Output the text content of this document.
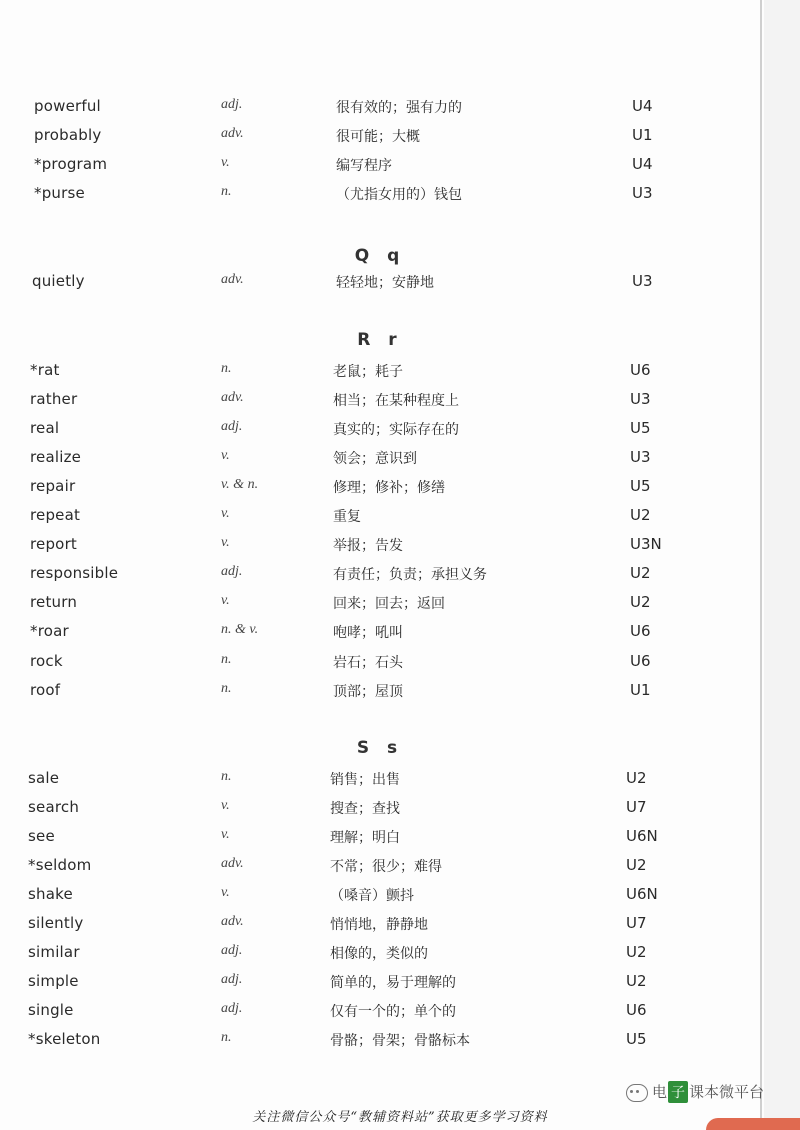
powerful	adj.	很有效的；强有力的	U4
probably	adv.	很可能；大概	U1
*program	v.	编写程序	U4
*purse	n.	（尤指女用的）钱包	U3
Q q
quietly	adv.	轻轻地；安静地	U3
R r
*rat	n.	老鼠；耗子	U6
rather	adv.	相当；在某种程度上	U3
real	adj.	真实的；实际存在的	U5
realize	v.	领会；意识到	U3
repair	v. & n.	修理；修补；修缮	U5
repeat	v.	重复	U2
report	v.	举报；告发	U3N
responsible	adj.	有责任；负责；承担义务	U2
return	v.	回来；回去；返回	U2
*roar	n. & v.	咆哮；吼叫	U6
rock	n.	岩石；石头	U6
roof	n.	顶部；屋顶	U1
S s
sale	n.	销售；出售	U2
search	v.	搜查；查找	U7
see	v.	理解；明白	U6N
*seldom	adv.	不常；很少；难得	U2
shake	v.	（嗓音）颤抖	U6N
silently	adv.	悄悄地，静静地	U7
similar	adj.	相像的，类似的	U2
simple	adj.	简单的，易于理解的	U2
single	adj.	仅有一个的；单个的	U6
*skeleton	n.	骨骼；骨架；骨骼标本	U5
电 子 课本微平台
关注微信公众号“教辅资料站”获取更多学习资料
